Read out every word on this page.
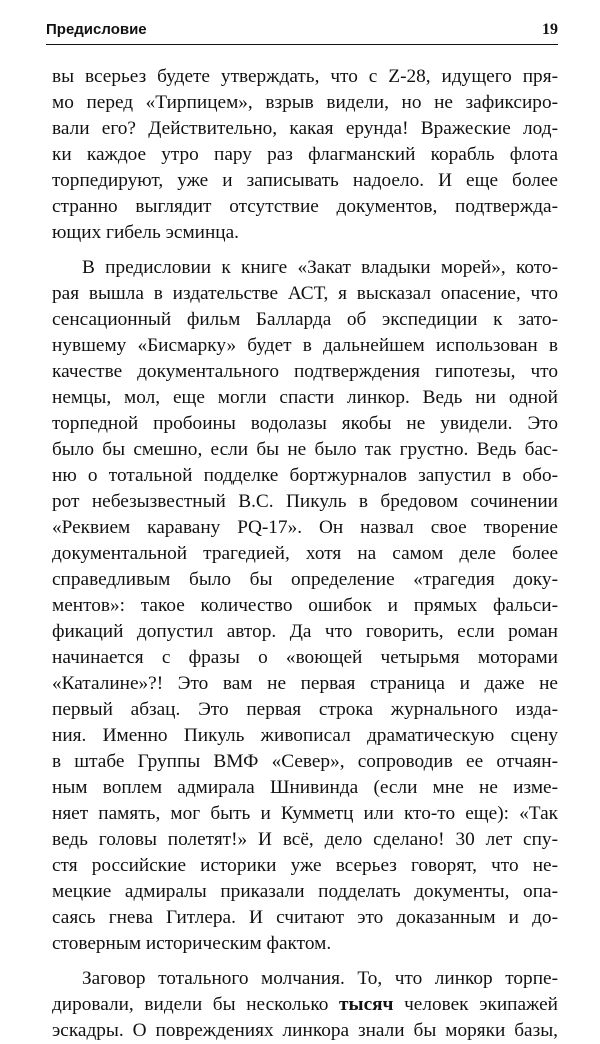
Предисловие	19
вы всерьез будете утверждать, что с Z-28, идущего пря-
мо перед «Тирпицем», взрыв видели, но не зафиксиро-
вали его? Действительно, какая ерунда! Вражеские лод-
ки каждое утро пару раз флагманский корабль флота
торпедируют, уже и записывать надоело. И еще более
странно выглядит отсутствие документов, подтвержда-
ющих гибель эсминца.
В предисловии к книге «Закат владыки морей», кото-
рая вышла в издательстве АСТ, я высказал опасение, что
сенсационный фильм Балларда об экспедиции к зато-
нувшему «Бисмарку» будет в дальнейшем использован в
качестве документального подтверждения гипотезы, что
немцы, мол, еще могли спасти линкор. Ведь ни одной
торпедной пробоины водолазы якобы не увидели. Это
было бы смешно, если бы не было так грустно. Ведь бас-
ню о тотальной подделке бортжурналов запустил в обо-
рот небезызвестный В.С. Пикуль в бредовом сочинении
«Реквием каравану PQ-17». Он назвал свое творение
документальной трагедией, хотя на самом деле более
справедливым было бы определение «трагедия доку-
ментов»: такое количество ошибок и прямых фальси-
фикаций допустил автор. Да что говорить, если роман
начинается с фразы о «воющей четырьмя моторами
«Каталине»?! Это вам не первая страница и даже не
первый абзац. Это первая строка журнального изда-
ния. Именно Пикуль живописал драматическую сцену
в штабе Группы ВМФ «Север», сопроводив ее отчаян-
ным воплем адмирала Шнивинда (если мне не изме-
няет память, мог быть и Кумметц или кто-то еще): «Так
ведь головы полетят!» И всё, дело сделано! 30 лет спу-
стя российские историки уже всерьез говорят, что не-
мецкие адмиралы приказали подделать документы, опа-
саясь гнева Гитлера. И считают это доказанным и до-
стоверным историческим фактом.
Заговор тотального молчания. То, что линкор торпе-
дировали, видели бы несколько тысяч человек экипажей
эскадры. О повреждениях линкора знали бы моряки базы,
